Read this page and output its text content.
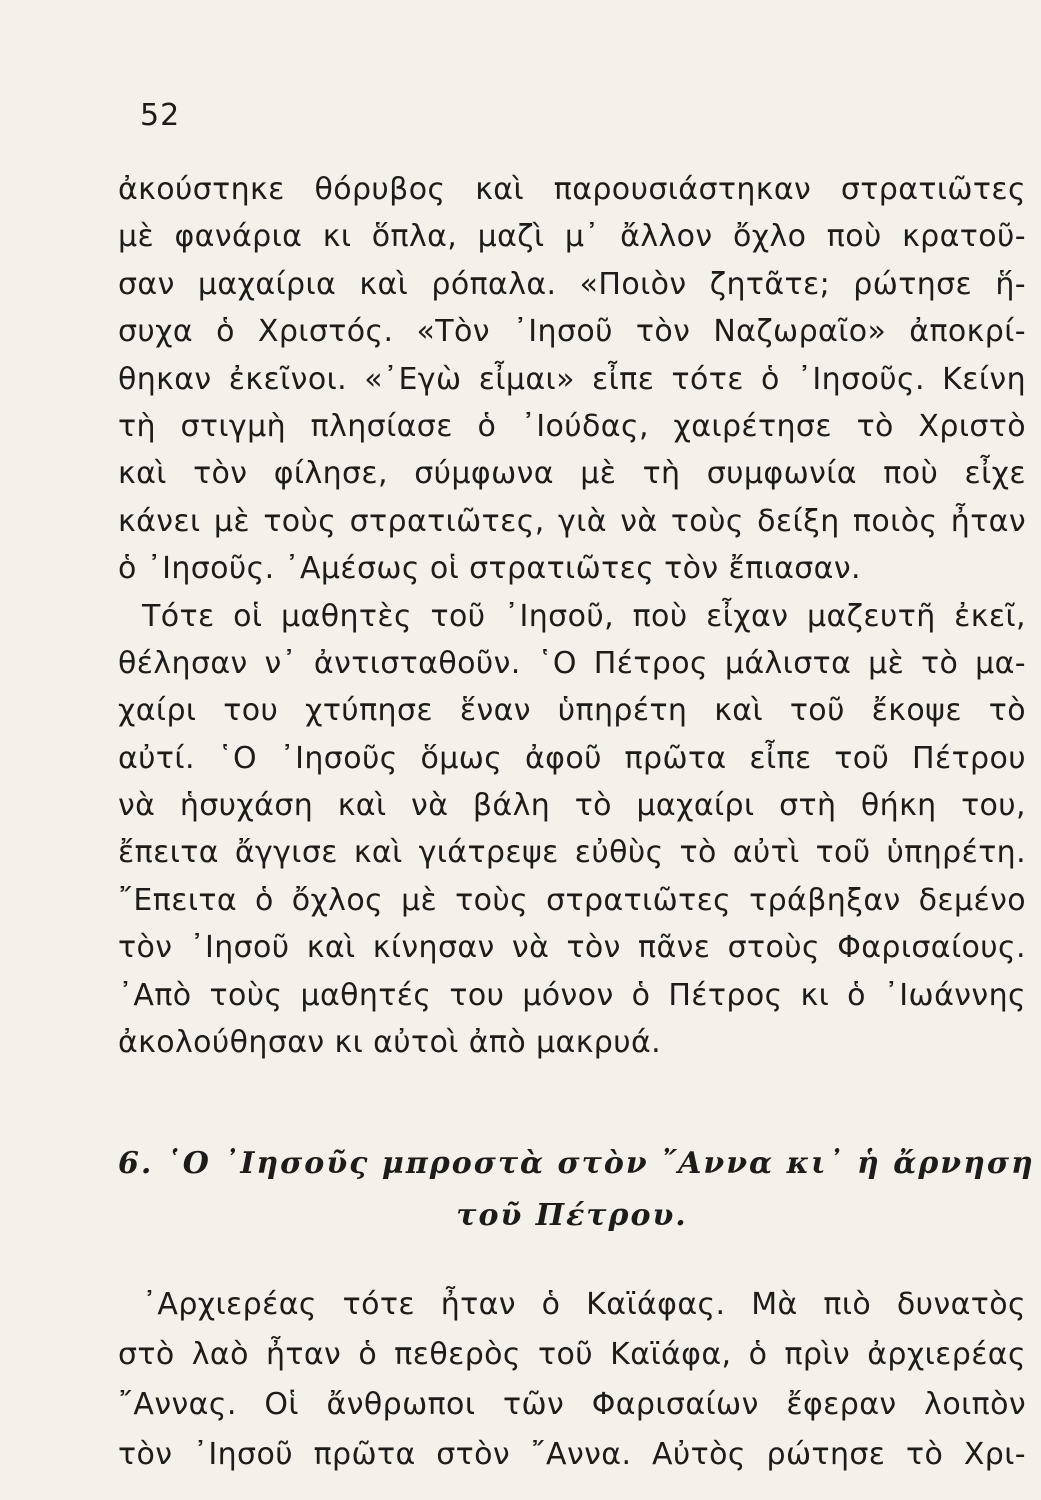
52
ἀκούστηκε θόρυβος καὶ παρουσιάστηκαν στρατιῶτες
μὲ φανάρια κι ὅπλα, μαζὶ μ᾽ ἄλλον ὄχλο ποὺ κρατοῦ-
σαν μαχαίρια καὶ ρόπαλα. «Ποιὸν ζητᾶτε; ρώτησε ἥ-
συχα ὁ Χριστός. «Τὸν ᾿Ιησοῦ τὸν Ναζωραῖο» ἀποκρί-
θηκαν ἐκεῖνοι. «᾿Εγὼ εἶμαι» εἶπε τότε ὁ ᾿Ιησοῦς. Κείνη
τὴ στιγμὴ πλησίασε ὁ ᾿Ιούδας, χαιρέτησε τὸ Χριστὸ
καὶ τὸν φίλησε, σύμφωνα μὲ τὴ συμφωνία ποὺ εἶχε
κάνει μὲ τοὺς στρατιῶτες, γιὰ νὰ τοὺς δείξη ποιὸς ἦταν
ὁ ᾿Ιησοῦς. ᾿Αμέσως οἱ στρατιῶτες τὸν ἔπιασαν.
Τότε οἱ μαθητὲς τοῦ ᾿Ιησοῦ, ποὺ εἶχαν μαζευτῆ ἐκεῖ,
θέλησαν ν᾽ ἀντισταθοῦν. ῾Ο Πέτρος μάλιστα μὲ τὸ μα-
χαίρι του χτύπησε ἕναν ὑπηρέτη καὶ τοῦ ἔκοψε τὸ
αὐτί. ῾Ο ᾿Ιησοῦς ὅμως ἀφοῦ πρῶτα εἶπε τοῦ Πέτρου
νὰ ἡσυχάση καὶ νὰ βάλη τὸ μαχαίρι στὴ θήκη του,
ἔπειτα ἄγγισε καὶ γιάτρεψε εὐθὺς τὸ αὐτὶ τοῦ ὑπηρέτη.
῎Επειτα ὁ ὄχλος μὲ τοὺς στρατιῶτες τράβηξαν δεμένο
τὸν ᾿Ιησοῦ καὶ κίνησαν νὰ τὸν πᾶνε στοὺς Φαρισαίους.
᾿Απὸ τοὺς μαθητές του μόνον ὁ Πέτρος κι ὁ ᾿Ιωάννης
ἀκολούθησαν κι αὐτοὶ ἀπὸ μακρυά.
6. ῾Ο ᾿Ιησοῦς μπροστὰ στὸν ῎Αννα κι᾽ ἡ ἄρνηση
τοῦ Πέτρου.
᾿Αρχιερέας τότε ἦταν ὁ Καϊάφας. Μὰ πιὸ δυνατὸς
στὸ λαὸ ἦταν ὁ πεθερὸς τοῦ Καϊάφα, ὁ πρὶν ἀρχιερέας
῎Αννας. Οἱ ἄνθρωποι τῶν Φαρισαίων ἔφεραν λοιπὸν
τὸν ᾿Ιησοῦ πρῶτα στὸν ῎Αννα. Αὐτὸς ρώτησε τὸ Χρι-
